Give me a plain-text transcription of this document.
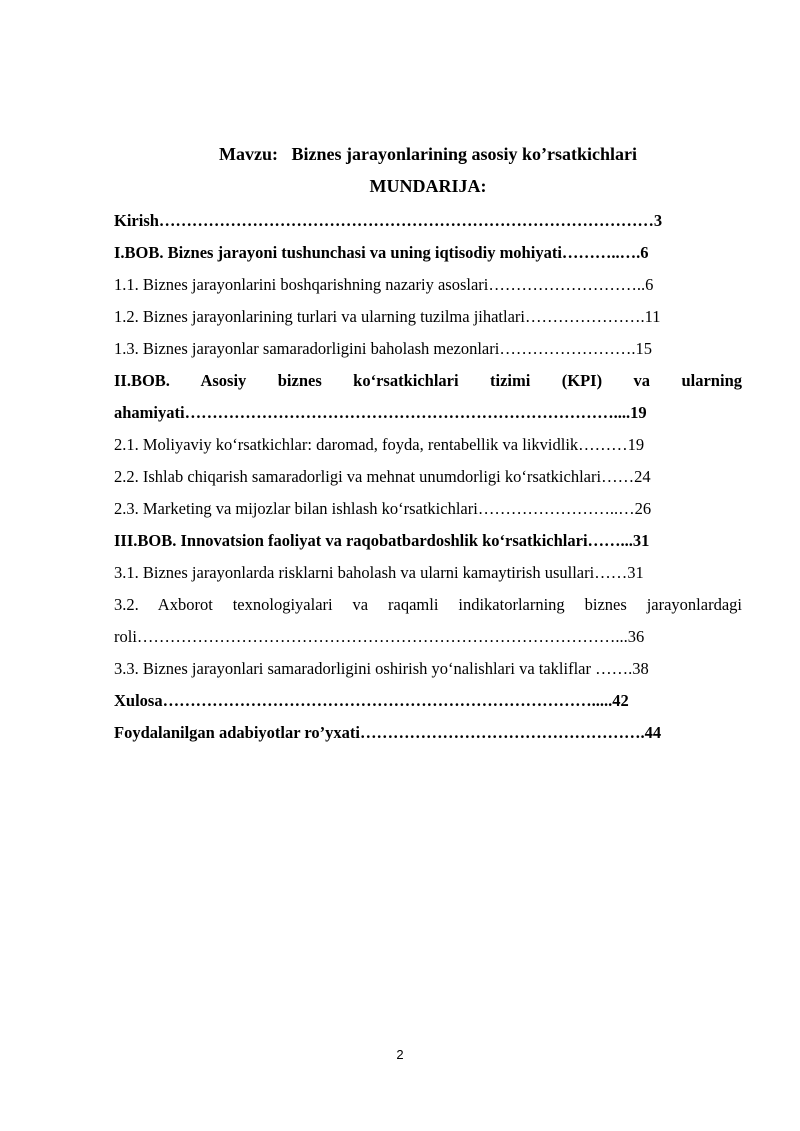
Mavzu:   Biznes jarayonlarining asosiy ko’rsatkichlari
MUNDARIJA:
Kirish………………………………………………………………………………3
I.BOB. Biznes jarayoni tushunchasi va uning iqtisodiy mohiyati………..….6
1.1. Biznes jarayonlarini boshqarishning nazariy asoslari………………………..6
1.2. Biznes jarayonlarining turlari va ularning tuzilma jihatlari………………….11
1.3. Biznes jarayonlar samaradorligini baholash mezonlari…………………….15
II.BOB. Asosiy biznes ko‘rsatkichlari tizimi (KPI) va ularning
ahamiyati……………………………………………………………………....19
2.1. Moliyaviy ko‘rsatkichlar: daromad, foyda, rentabellik va likvidlik………19
2.2. Ishlab chiqarish samaradorligi va mehnat unumdorligi ko‘rsatkichlari……24
2.3. Marketing va mijozlar bilan ishlash ko‘rsatkichlari……………………..…26
III.BOB. Innovatsion faoliyat va raqobatbardoshlik ko‘rsatkichlari……...31
3.1. Biznes jarayonlarda risklarni baholash va ularni kamaytirish usullari……31
3.2. Axborot texnologiyalari va raqamli indikatorlarning biznes jarayonlardagi
roli……………………………………………………………………………...36
3.3. Biznes jarayonlari samaradorligini oshirish yo‘nalishlari va takliflar …….38
Xulosa…………………………………………………………………….....42
Foydalanilgan adabiyotlar ro’yxati…………………………………………….44
2
